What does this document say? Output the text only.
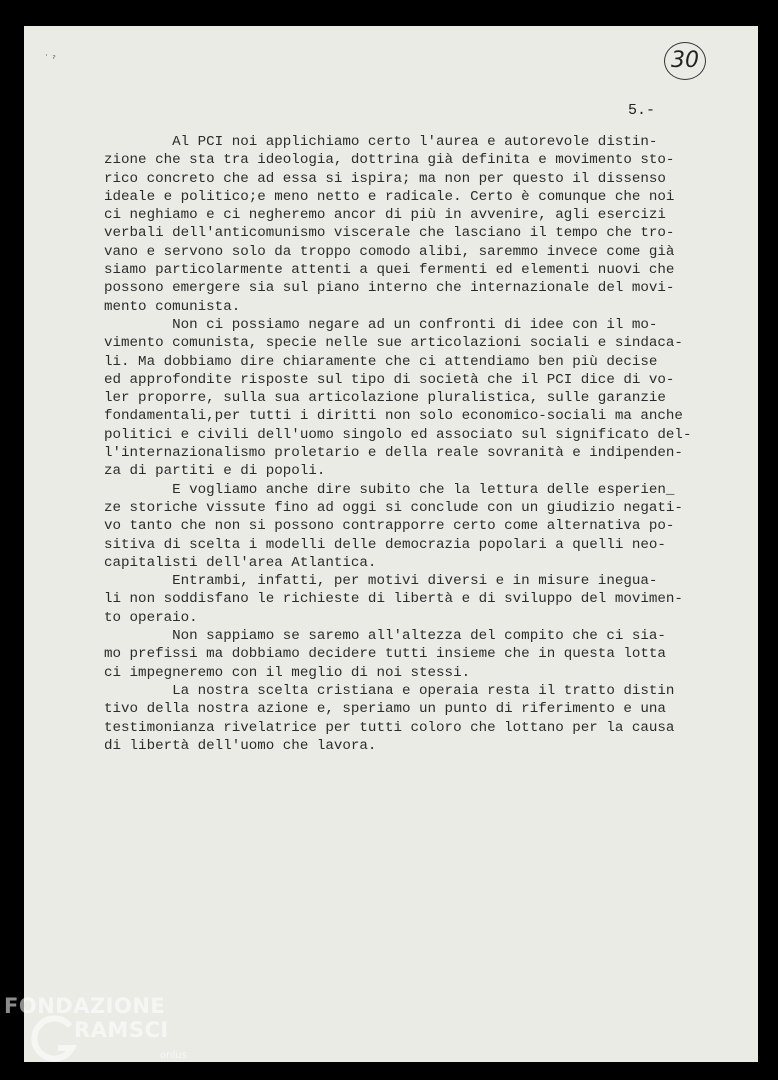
˙ ˀ	30
5.-
Al PCI noi applichiamo certo l'aurea e autorevole distin-
zione che sta tra ideologia, dottrina già definita e movimento sto-
rico concreto che ad essa si ispira; ma non per questo il dissenso
ideale e politico;e meno netto e radicale. Certo è comunque che noi
ci neghiamo e ci negheremo ancor di più in avvenire, agli esercizi
verbali dell'anticomunismo viscerale che lasciano il tempo che tro-
vano e servono solo da troppo comodo alibi, saremmo invece come già
siamo particolarmente attenti a quei fermenti ed elementi nuovi che
possono emergere sia sul piano interno che internazionale del movi-
mento comunista.
Non ci possiamo negare ad un confronti di idee con il mo-
vimento comunista, specie nelle sue articolazioni sociali e sindaca-
li. Ma dobbiamo dire chiaramente che ci attendiamo ben più decise
ed approfondite risposte sul tipo di società che il PCI dice di vo-
ler proporre, sulla sua articolazione pluralistica, sulle garanzie
fondamentali,per tutti i diritti non solo economico-sociali ma anche
politici e civili dell'uomo singolo ed associato sul significato del-
l'internazionalismo proletario e della reale sovranità e indipenden-
za di partiti e di popoli.
E vogliamo anche dire subito che la lettura delle esperien_
ze storiche vissute fino ad oggi si conclude con un giudizio negati-
vo tanto che non si possono contrapporre certo come alternativa po-
sitiva di scelta i modelli delle democrazia popolari a quelli neo-
capitalisti dell'area Atlantica.
Entrambi, infatti, per motivi diversi e in misure inegua-
li non soddisfano le richieste di libertà e di sviluppo del movimen-
to operaio.
Non sappiamo se saremo all'altezza del compito che ci sia-
mo prefissi ma dobbiamo decidere tutti insieme che in questa lotta
ci impegneremo con il meglio di noi stessi.
La nostra scelta cristiana e operaia resta il tratto distin
tivo della nostra azione e, speriamo un punto di riferimento e una
testimonianza rivelatrice per tutti coloro che lottano per la causa
di libertà dell'uomo che lavora.
FONDAZIONE
RAMSCI
onlus
